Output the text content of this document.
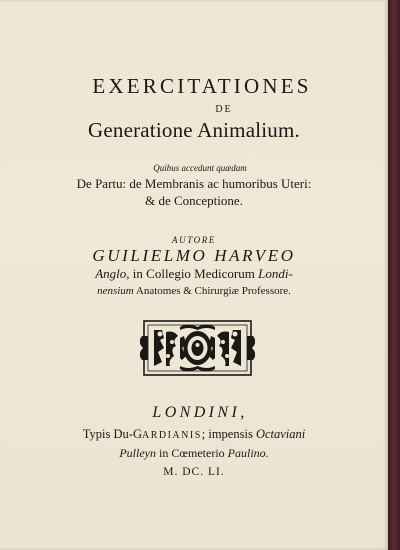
EXERCITATIONES
DE
Generatione Animalium.
Quibus accedunt quædam
De Partu: de Membranis ac humoribus Uteri:
& de Conceptione.
AUTORE
GUILIELMO HARVEO
Anglo, in Collegio Medicorum Londi-
nensium Anatomes & Chirurgiæ Professore.
LONDINI,
Typis Du-GARDIANIS; impensis Octaviani
Pulleyn in Cœmeterio Paulino.
M. DC. LI.
